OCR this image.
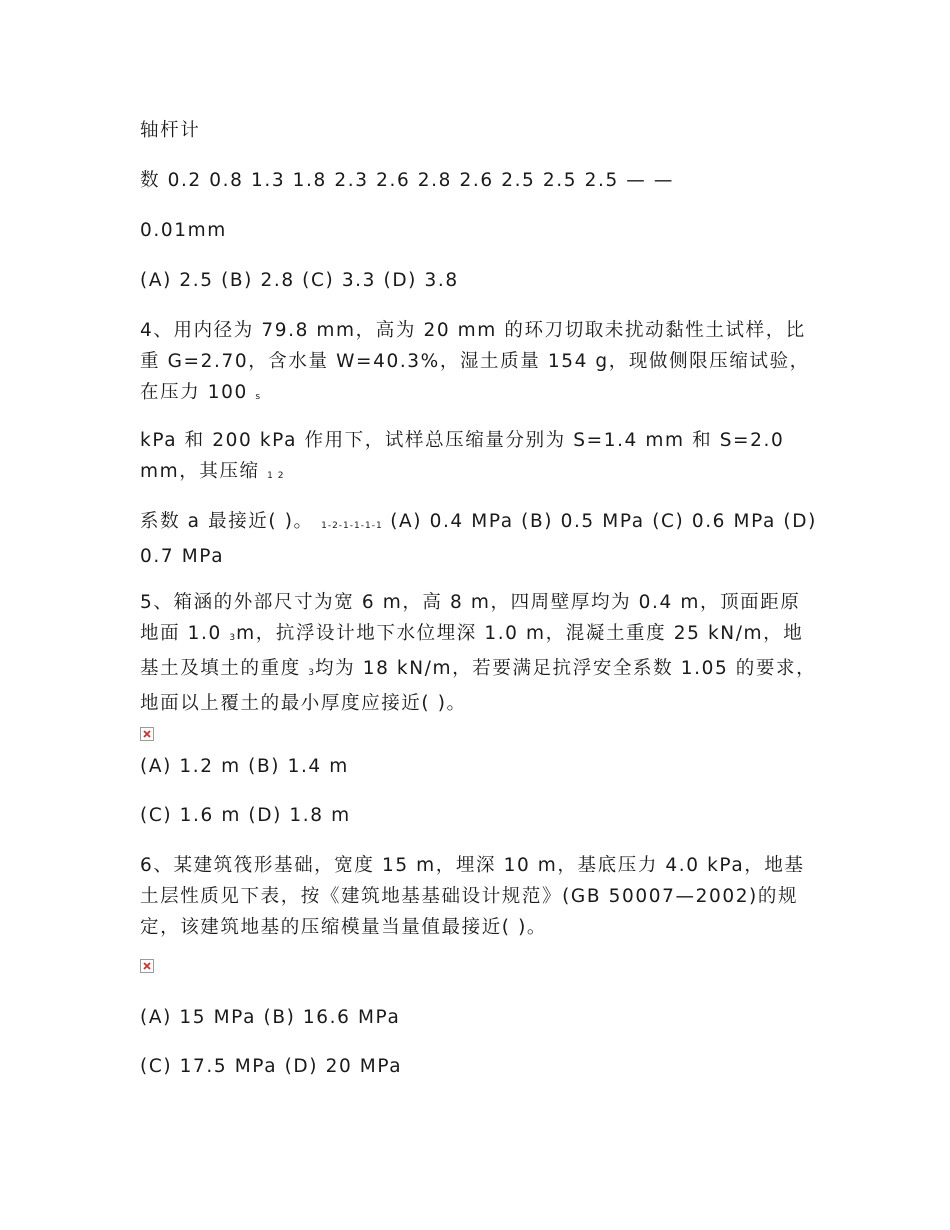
轴杆计

数 0.2 0.8 1.3 1.8 2.3 2.6 2.8 2.6 2.5 2.5 2.5 — —

0.01mm

(A) 2.5 (B) 2.8 (C) 3.3 (D) 3.8

4、用内径为 79.8 mm，高为 20 mm 的环刀切取未扰动黏性土试样，比重 G=2.70，含水量 W=40.3%，湿土质量 154 g，现做侧限压缩试验，在压力 100 s

kPa 和 200 kPa 作用下，试样总压缩量分别为 S=1.4 mm 和 S=2.0 mm，其压缩 1 2

系数 a 最接近( )。 1-2-1-1-1-1 (A) 0.4 MPa (B) 0.5 MPa (C) 0.6 MPa (D) 0.7 MPa

5、箱涵的外部尺寸为宽 6 m，高 8 m，四周壁厚均为 0.4 m，顶面距原地面 1.0 3m，抗浮设计地下水位埋深 1.0 m，混凝土重度 25 kN/m，地基土及填土的重度 3均为 18 kN/m，若要满足抗浮安全系数 1.05 的要求，地面以上覆土的最小厚度应接近( )。

(A) 1.2 m (B) 1.4 m

(C) 1.6 m (D) 1.8 m

6、某建筑筏形基础，宽度 15 m，埋深 10 m，基底压力 4.0 kPa，地基土层性质见下表，按《建筑地基基础设计规范》(GB 50007—2002)的规定，该建筑地基的压缩模量当量值最接近( )。

(A) 15 MPa (B) 16.6 MPa

(C) 17.5 MPa (D) 20 MPa
